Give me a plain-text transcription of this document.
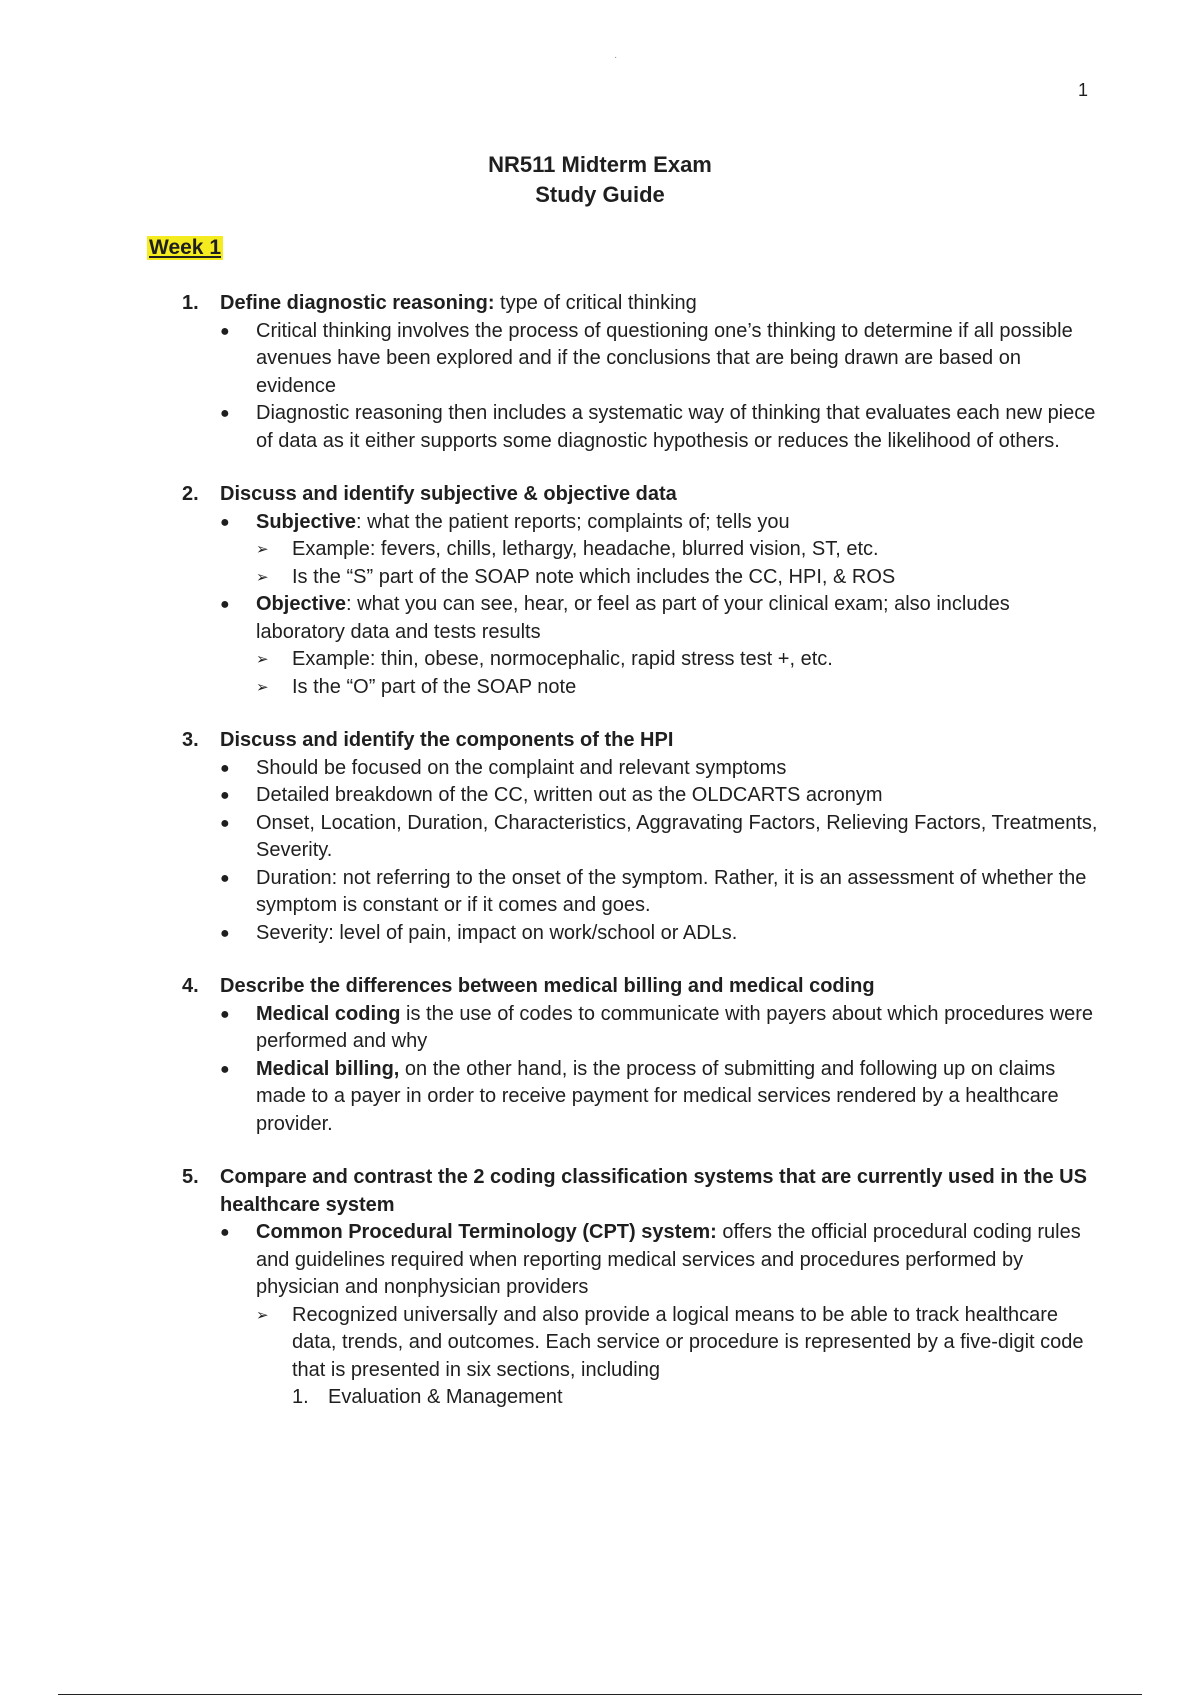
·
1
NR511 Midterm Exam
Study Guide
Week 1
1. Define diagnostic reasoning: type of critical thinking
●	Critical thinking involves the process of questioning one’s thinking to determine if all possible avenues have been explored and if the conclusions that are being drawn are based on evidence
●	Diagnostic reasoning then includes a systematic way of thinking that evaluates each new piece of data as it either supports some diagnostic hypothesis or reduces the likelihood of others.
2. Discuss and identify subjective & objective data
●	Subjective: what the patient reports; complaints of; tells you
➢	Example: fevers, chills, lethargy, headache, blurred vision, ST, etc.
➢	Is the “S” part of the SOAP note which includes the CC, HPI, & ROS
●	Objective: what you can see, hear, or feel as part of your clinical exam; also includes laboratory data and tests results
➢	Example: thin, obese, normocephalic, rapid stress test +, etc.
➢	Is the “O” part of the SOAP note
3. Discuss and identify the components of the HPI
●	Should be focused on the complaint and relevant symptoms
●	Detailed breakdown of the CC, written out as the OLDCARTS acronym
●	Onset, Location, Duration, Characteristics, Aggravating Factors, Relieving Factors, Treatments, Severity.
●	Duration: not referring to the onset of the symptom. Rather, it is an assessment of whether the symptom is constant or if it comes and goes.
●	Severity: level of pain, impact on work/school or ADLs.
4. Describe the differences between medical billing and medical coding
●	Medical coding is the use of codes to communicate with payers about which procedures were performed and why
●	Medical billing, on the other hand, is the process of submitting and following up on claims made to a payer in order to receive payment for medical services rendered by a healthcare provider.
5. Compare and contrast the 2 coding classification systems that are currently used in the US healthcare system
●	Common Procedural Terminology (CPT) system: offers the official procedural coding rules and guidelines required when reporting medical services and procedures performed by physician and nonphysician providers
➢	Recognized universally and also provide a logical means to be able to track healthcare data, trends, and outcomes. Each service or procedure is represented by a five-digit code that is presented in six sections, including
1. Evaluation & Management
